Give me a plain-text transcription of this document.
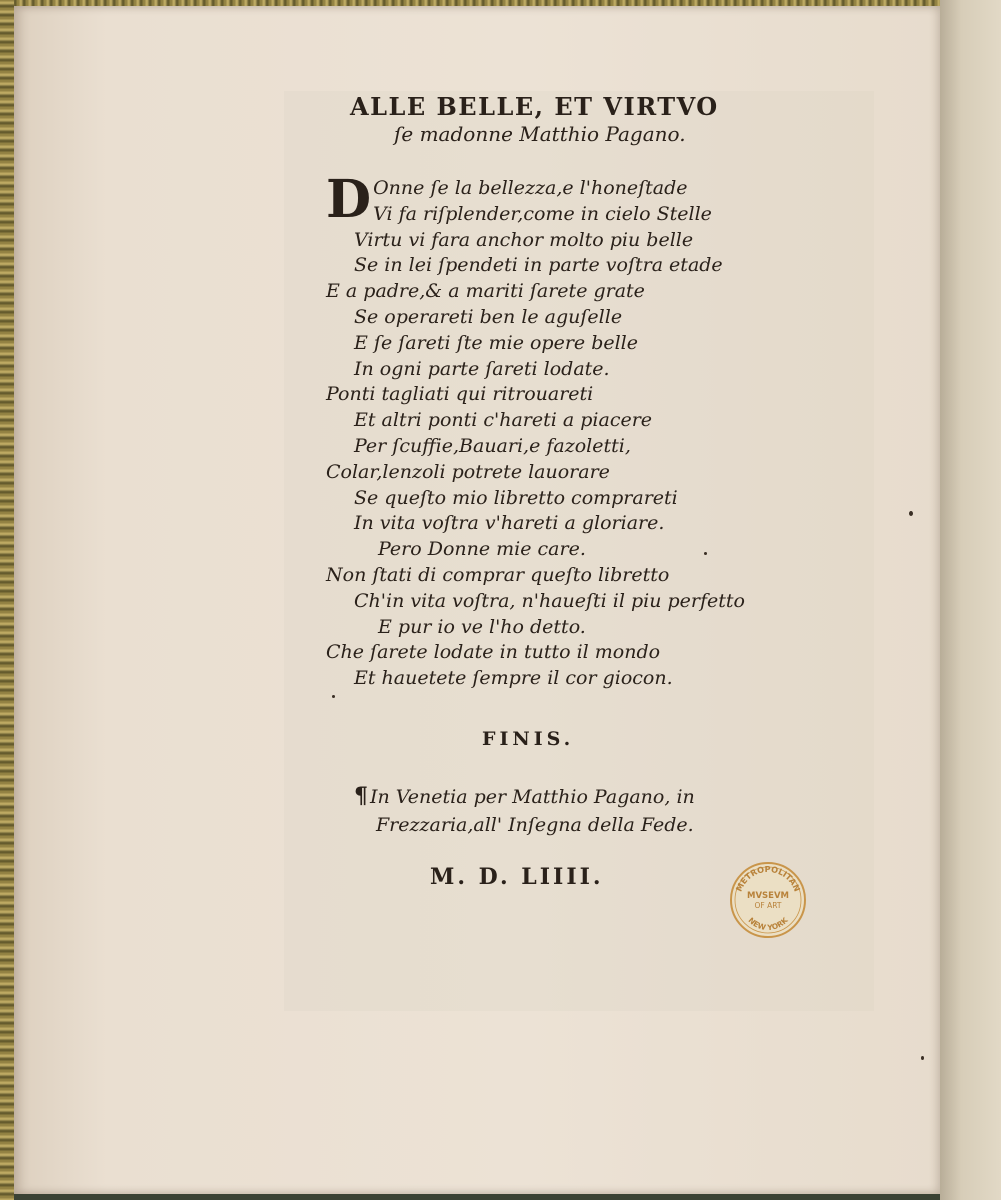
ALLE BELLE, ET VIRTVO
ſe madonne Matthio Pagano.
D Onne ſe la bellezza,e l'honeſtade
Vi fa riſplender,come in cielo Stelle
Virtu vi fara anchor molto piu belle
Se in lei ſpendeti in parte voſtra etade
E a padre,& a mariti ſarete grate
Se operareti ben le aguſelle
E ſe ſareti ſte mie opere belle
In ogni parte ſareti lodate.
Ponti tagliati qui ritrouareti
Et altri ponti c'hareti a piacere
Per ſcuffie,Bauari,e fazoletti,
Colar,lenzoli potrete lauorare
Se queſto mio libretto comprareti
In vita voſtra v'hareti a gloriare.
Pero Donne mie care.
Non ſtati di comprar queſto libretto
Ch'in vita voſtra, n'haueſti il piu perfetto
E pur io ve l'ho detto.
Che ſarete lodate in tutto il mondo
Et hauetete ſempre il cor giocon.
FINIS.
¶ In Venetia per Matthio Pagano, in
Frezzaria,all' Inſegna della Fede.
M. D. LIIII.	METROPOLITAN
MVSEVM
OF ART
NEW YORK
